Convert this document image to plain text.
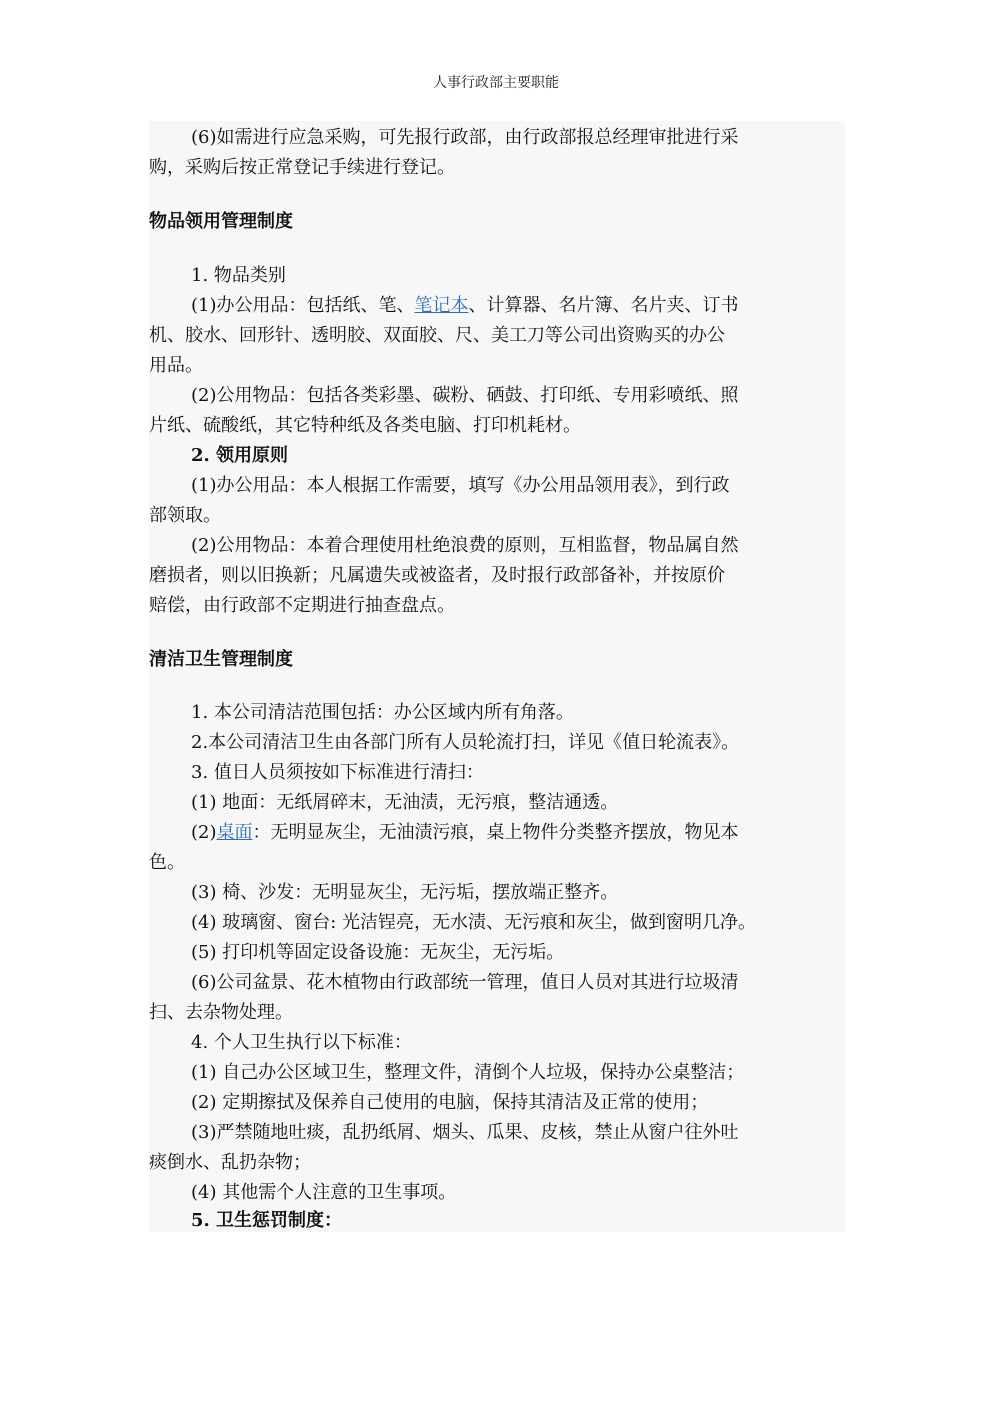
人事行政部主要职能
(6)如需进行应急采购，可先报行政部，由行政部报总经理审批进行采
购，采购后按正常登记手续进行登记。
物品领用管理制度
1. 物品类别
(1)办公用品：包括纸、笔、笔记本、计算器、名片簿、名片夹、订书
机、胶水、回形针、透明胶、双面胶、尺、美工刀等公司出资购买的办公
用品。
(2)公用物品：包括各类彩墨、碳粉、硒鼓、打印纸、专用彩喷纸、照
片纸、硫酸纸，其它特种纸及各类电脑、打印机耗材。
2. 领用原则
(1)办公用品：本人根据工作需要，填写《办公用品领用表》，到行政
部领取。
(2)公用物品：本着合理使用杜绝浪费的原则，互相监督，物品属自然
磨损者，则以旧换新；凡属遗失或被盗者，及时报行政部备补，并按原价
赔偿，由行政部不定期进行抽查盘点。
清洁卫生管理制度
1. 本公司清洁范围包括：办公区域内所有角落。
2.本公司清洁卫生由各部门所有人员轮流打扫，详见《值日轮流表》。
3. 值日人员须按如下标准进行清扫：
(1) 地面：无纸屑碎末，无油渍，无污痕，整洁通透。
(2)桌面：无明显灰尘，无油渍污痕，桌上物件分类整齐摆放，物见本
色。
(3) 椅、沙发：无明显灰尘，无污垢，摆放端正整齐。
(4) 玻璃窗、窗台: 光洁锃亮，无水渍、无污痕和灰尘，做到窗明几净。
(5) 打印机等固定设备设施：无灰尘，无污垢。
(6)公司盆景、花木植物由行政部统一管理，值日人员对其进行垃圾清
扫、去杂物处理。
4. 个人卫生执行以下标准：
(1) 自己办公区域卫生，整理文件，清倒个人垃圾，保持办公桌整洁；
(2) 定期擦拭及保养自己使用的电脑，保持其清洁及正常的使用；
(3)严禁随地吐痰，乱扔纸屑、烟头、瓜果、皮核，禁止从窗户往外吐
痰倒水、乱扔杂物；
(4) 其他需个人注意的卫生事项。
5. 卫生惩罚制度：
